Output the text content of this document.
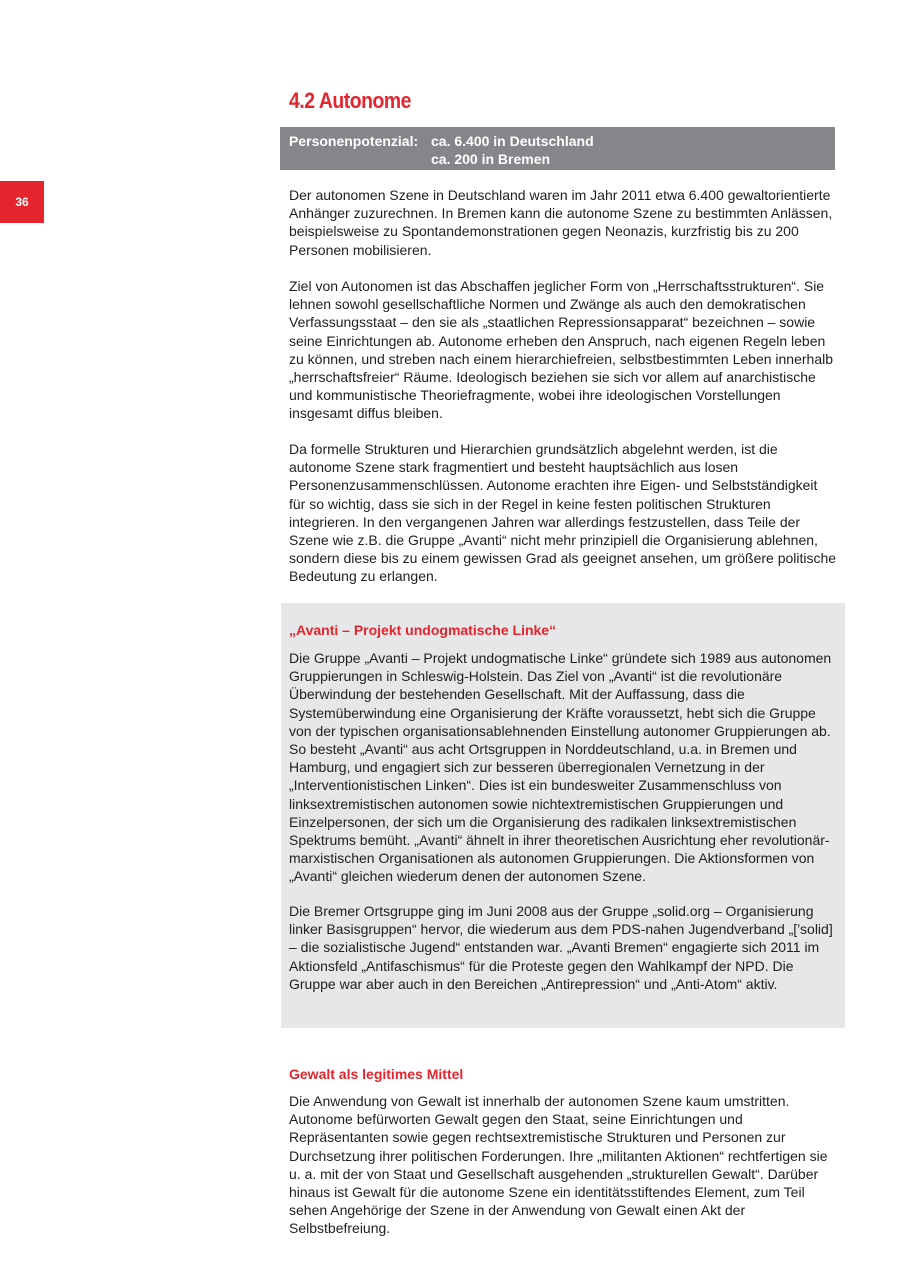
36
4.2 Autonome
Personenpotenzial: ca. 6.400 in Deutschland
ca. 200 in Bremen

Der autonomen Szene in Deutschland waren im Jahr 2011 etwa 6.400 gewaltorientierte Anhänger zuzurechnen. In Bremen kann die autonome Szene zu bestimmten Anlässen, beispielsweise zu Spontandemonstrationen gegen Neonazis, kurzfristig bis zu 200 Personen mobilisieren.

Ziel von Autonomen ist das Abschaffen jeglicher Form von „Herrschaftsstrukturen“. Sie lehnen sowohl gesellschaftliche Normen und Zwänge als auch den demokratischen Verfassungsstaat – den sie als „staatlichen Repressionsapparat“ bezeichnen – sowie seine Einrichtungen ab. Autonome erheben den Anspruch, nach eigenen Regeln leben zu können, und streben nach einem hierarchiefreien, selbstbestimmten Leben innerhalb „herrschaftsfreier“ Räume. Ideologisch beziehen sie sich vor allem auf anarchistische und kommunistische Theoriefragmente, wobei ihre ideologischen Vorstellungen insgesamt diffus bleiben.

Da formelle Strukturen und Hierarchien grundsätzlich abgelehnt werden, ist die autonome Szene stark fragmentiert und besteht hauptsächlich aus losen Personenzusammenschlüssen. Autonome erachten ihre Eigen- und Selbstständigkeit für so wichtig, dass sie sich in der Regel in keine festen politischen Strukturen integrieren. In den vergangenen Jahren war allerdings festzustellen, dass Teile der Szene wie z.B. die Gruppe „Avanti“ nicht mehr prinzipiell die Organisierung ablehnen, sondern diese bis zu einem gewissen Grad als geeignet ansehen, um größere politische Bedeutung zu erlangen.

„Avanti – Projekt undogmatische Linke“

Die Gruppe „Avanti – Projekt undogmatische Linke“ gründete sich 1989 aus autonomen Gruppierungen in Schleswig-Holstein. Das Ziel von „Avanti“ ist die revolutionäre Überwindung der bestehenden Gesellschaft. Mit der Auffassung, dass die Systemüberwindung eine Organisierung der Kräfte voraussetzt, hebt sich die Gruppe von der typischen organisationsablehnenden Einstellung autonomer Gruppierungen ab. So besteht „Avanti“ aus acht Ortsgruppen in Norddeutschland, u.a. in Bremen und Hamburg, und engagiert sich zur besseren überregionalen Vernetzung in der „Interventionistischen Linken“. Dies ist ein bundesweiter Zusammenschluss von linksextremistischen autonomen sowie nichtextremistischen Gruppierungen und Einzelpersonen, der sich um die Organisierung des radikalen linksextremistischen Spektrums bemüht. „Avanti“ ähnelt in ihrer theoretischen Ausrichtung eher revolutionär-marxistischen Organisationen als autonomen Gruppierungen. Die Aktionsformen von „Avanti“ gleichen wiederum denen der autonomen Szene.

Die Bremer Ortsgruppe ging im Juni 2008 aus der Gruppe „solid.org – Organisierung linker Basisgruppen“ hervor, die wiederum aus dem PDS-nahen Jugendverband „[’solid] – die sozialistische Jugend“ entstanden war. „Avanti Bremen“ engagierte sich 2011 im Aktionsfeld „Antifaschismus“ für die Proteste gegen den Wahlkampf der NPD. Die Gruppe war aber auch in den Bereichen „Antirepression“ und „Anti-Atom“ aktiv.

Gewalt als legitimes Mittel

Die Anwendung von Gewalt ist innerhalb der autonomen Szene kaum umstritten. Autonome befürworten Gewalt gegen den Staat, seine Einrichtungen und Repräsentanten sowie gegen rechtsextremistische Strukturen und Personen zur Durchsetzung ihrer politischen Forderungen. Ihre „militanten Aktionen“ rechtfertigen sie u. a. mit der von Staat und Gesellschaft ausgehenden „strukturellen Gewalt“. Darüber hinaus ist Gewalt für die autonome Szene ein identitätsstiftendes Element, zum Teil sehen Angehörige der Szene in der Anwendung von Gewalt einen Akt der Selbstbefreiung.
